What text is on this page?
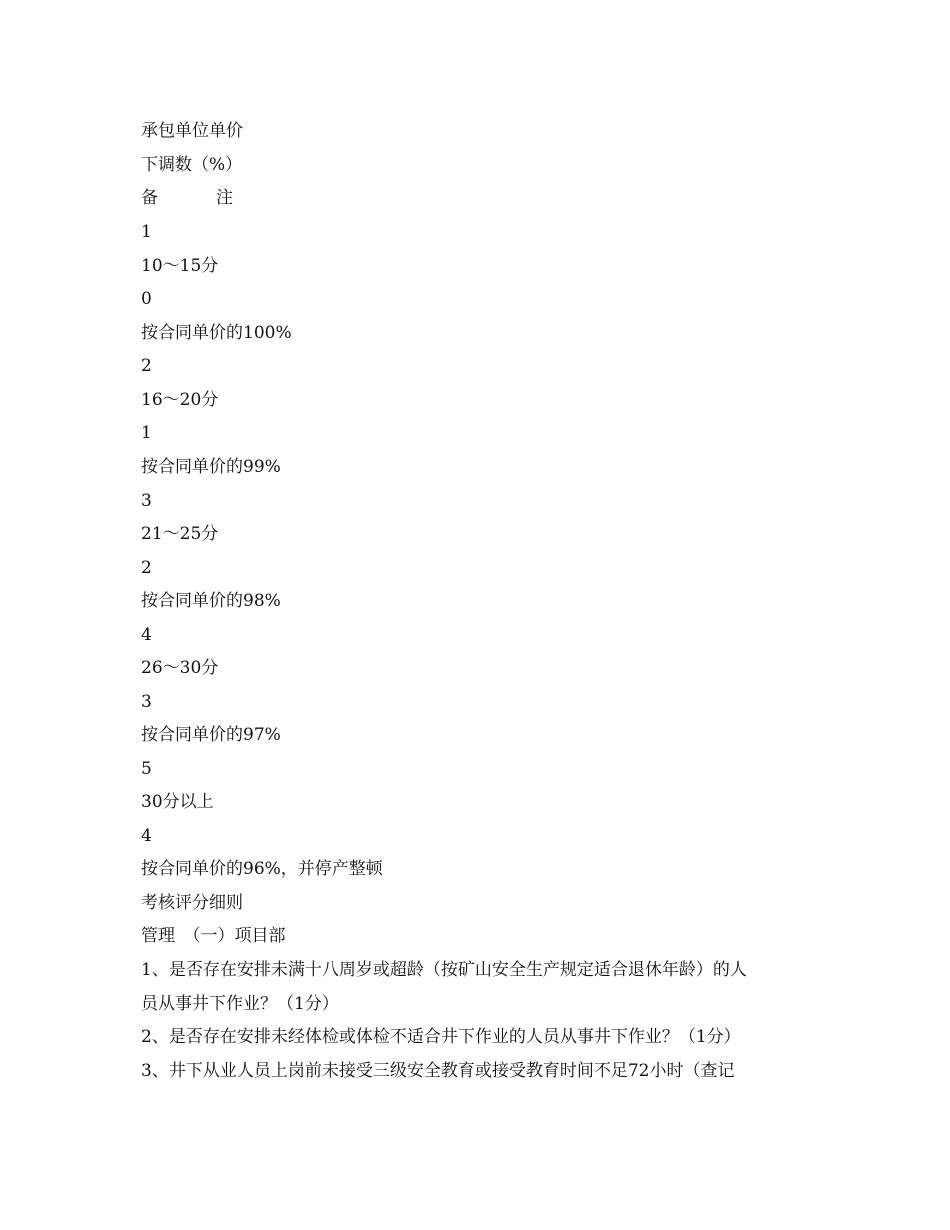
承包单位单价
下调数（%）
备	注
1
10～15分
0
按合同单价的100%
2
16～20分
1
按合同单价的99%
3
21～25分
2
按合同单价的98%
4
26～30分
3
按合同单价的97%
5
30分以上
4
按合同单价的96%，并停产整顿
考核评分细则
管理　（一）项目部
1、是否存在安排未满十八周岁或超龄（按矿山安全生产规定适合退休年龄）的人
员从事井下作业？（1分）
2、是否存在安排未经体检或体检不适合井下作业的人员从事井下作业？（1分）
3、井下从业人员上岗前未接受三级安全教育或接受教育时间不足72小时（查记
